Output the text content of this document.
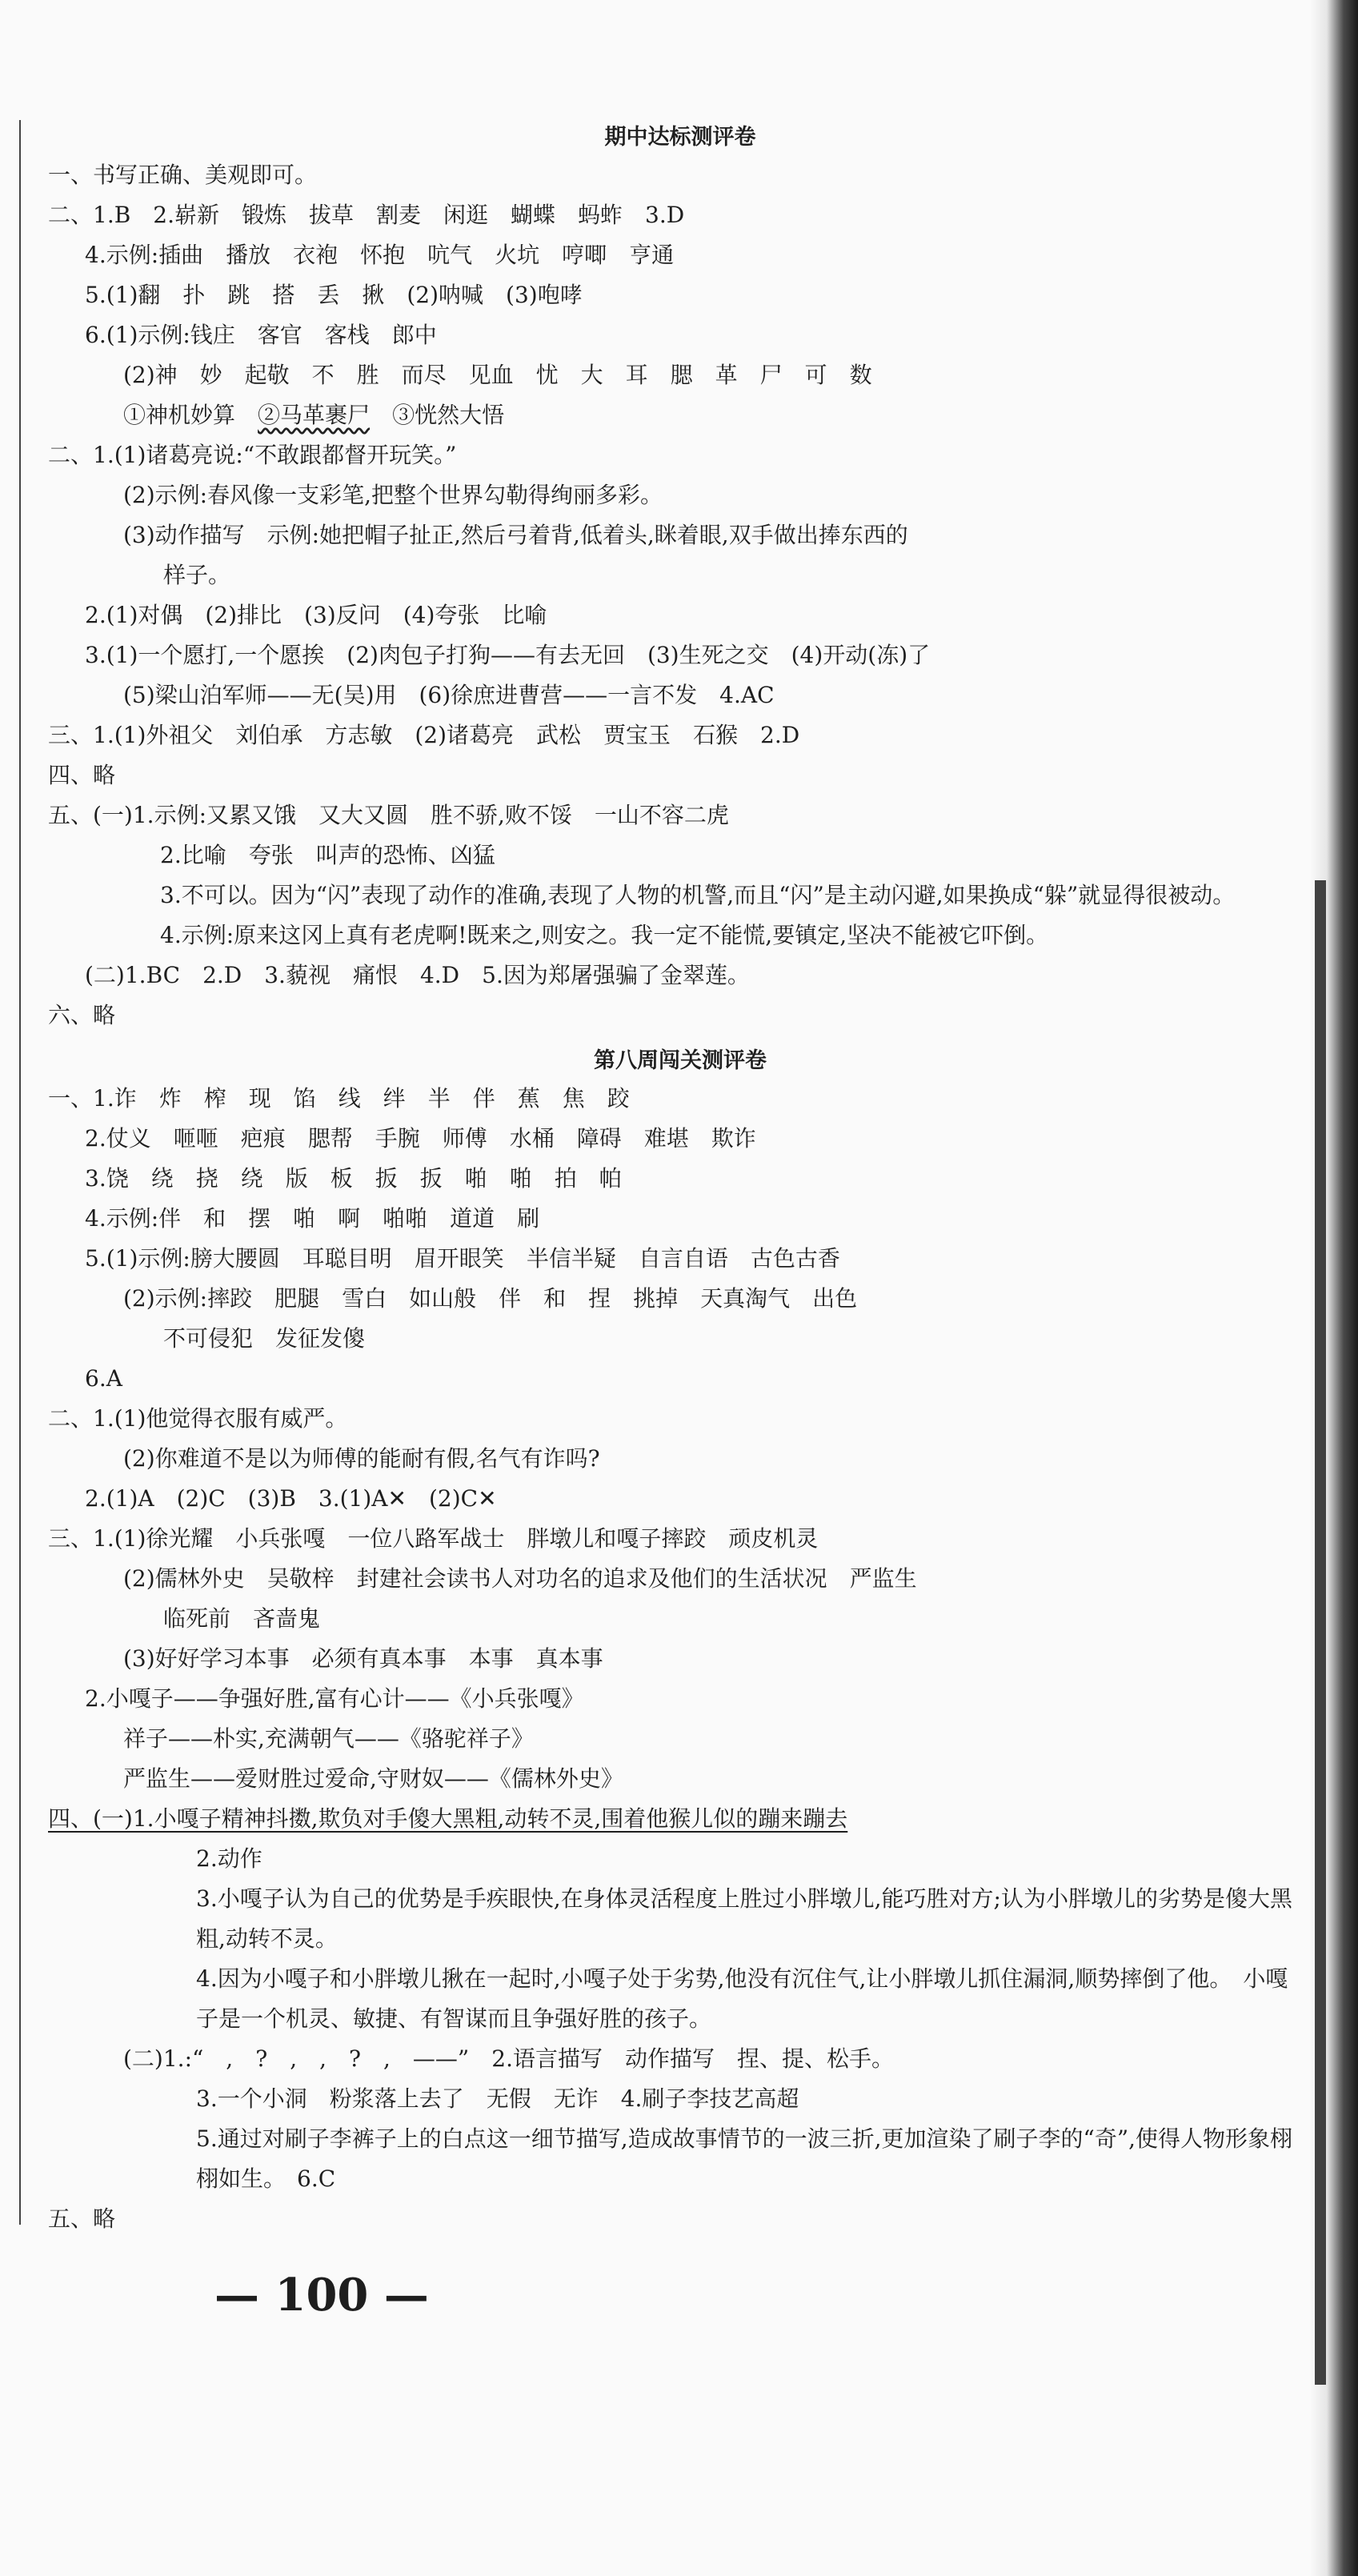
期中达标测评卷
一、书写正确、美观即可。
二、1.B　2.崭新　锻炼　拔草　割麦　闲逛　蝴蝶　蚂蚱　3.D
4.示例:插曲　播放　衣袍　怀抱　吭气　火坑　哼唧　亨通
5.(1)翻　扑　跳　搭　丢　揪　(2)呐喊　(3)咆哮
6.(1)示例:钱庄　客官　客栈　郎中
(2)神　妙　起敬　不　胜　而尽　见血　忧　大　耳　腮　革　尸　可　数
①神机妙算　 ②马革裹尸　 ③恍然大悟
二、1.(1)诸葛亮说:“不敢跟都督开玩笑。”
(2)示例:春风像一支彩笔,把整个世界勾勒得绚丽多彩。
(3)动作描写　示例:她把帽子扯正,然后弓着背,低着头,眯着眼,双手做出捧东西的
样子。
2.(1)对偶　(2)排比　(3)反问　(4)夸张　比喻
3.(1)一个愿打,一个愿挨　(2)肉包子打狗——有去无回　(3)生死之交　(4)开动(冻)了
(5)梁山泊军师——无(吴)用　(6)徐庶进曹营——一言不发　4.AC
三、1.(1)外祖父　刘伯承　方志敏　(2)诸葛亮　武松　贾宝玉　石猴　2.D
四、略
五、(一)1.示例:又累又饿　又大又圆　胜不骄,败不馁　一山不容二虎
2.比喻　夸张　叫声的恐怖、凶猛
3.不可以。因为“闪”表现了动作的准确,表现了人物的机警,而且“闪”是主动闪避,如果换成“躲”就显得很被动。
4.示例:原来这冈上真有老虎啊!既来之,则安之。我一定不能慌,要镇定,坚决不能被它吓倒。
(二)1.BC　2.D　3.藐视　痛恨　4.D　5.因为郑屠强骗了金翠莲。
六、略
第八周闯关测评卷
一、1.诈　炸　榨　现　馅　线　绊　半　伴　蕉　焦　跤
2.仗义　咂咂　疤痕　腮帮　手腕　师傅　水桶　障碍　难堪　欺诈
3.饶　绕　挠　绕　版　板　扳　扳　啪　啪　拍　帕
4.示例:伴　和　摆　啪　啊　啪啪　道道　刷
5.(1)示例:膀大腰圆　耳聪目明　眉开眼笑　半信半疑　自言自语　古色古香
(2)示例:摔跤　肥腿　雪白　如山般　伴　和　捏　挑掉　天真淘气　出色
不可侵犯　发征发傻
6.A
二、1.(1)他觉得衣服有威严。
(2)你难道不是以为师傅的能耐有假,名气有诈吗?
2.(1)A　(2)C　(3)B　3.(1)A✕　(2)C✕
三、1.(1)徐光耀　小兵张嘎　一位八路军战士　胖墩儿和嘎子摔跤　顽皮机灵
(2)儒林外史　吴敬梓　封建社会读书人对功名的追求及他们的生活状况　严监生
临死前　吝啬鬼
(3)好好学习本事　必须有真本事　本事　真本事
2.小嘎子——争强好胜,富有心计——《小兵张嘎》
祥子——朴实,充满朝气——《骆驼祥子》
严监生——爱财胜过爱命,守财奴——《儒林外史》
四、(一)1.小嘎子精神抖擞,欺负对手傻大黑粗,动转不灵,围着他猴儿似的蹦来蹦去
2.动作
3.小嘎子认为自己的优势是手疾眼快,在身体灵活程度上胜过小胖墩儿,能巧胜对方;认为小胖墩儿的劣势是傻大黑粗,动转不灵。
4.因为小嘎子和小胖墩儿揪在一起时,小嘎子处于劣势,他没有沉住气,让小胖墩儿抓住漏洞,顺势摔倒了他。　小嘎子是一个机灵、敏捷、有智谋而且争强好胜的孩子。
(二)1.:“　,　?　,　,　?　,　——”　2.语言描写　动作描写　捏、提、松手。
3.一个小洞　粉浆落上去了　无假　无诈　4.刷子李技艺高超
5.通过对刷子李裤子上的白点这一细节描写,造成故事情节的一波三折,更加渲染了刷子李的“奇”,使得人物形象栩栩如生。　6.C
五、略
— 100 —
